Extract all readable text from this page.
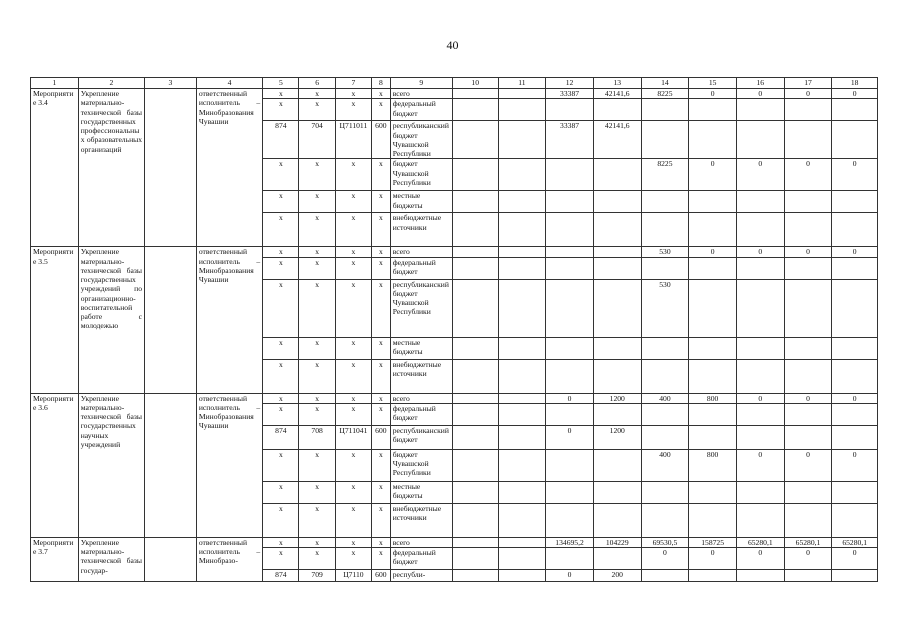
40
1	2	3	4	5	6	7	8	9	10	11	12	13	14	15	16	17	18
Мероприятие 3.4	Укрепление материально-технической базы государственных профессиональных образовательных организаций		ответственный исполнитель – Минобразования Чувашии	x	x	x	x	всего			33387	42141,6	8225	0	0	0	0
				x	x	x	x	федеральный бюджет									
				874	704	Ц711011	600	республиканский бюджет Чувашской Республики			33387	42141,6					
				x	x	x	x	бюджет Чувашской Республики					8225	0	0	0	0
				x	x	x	x	местные бюджеты									
				x	x	x	x	внебюджетные источники									
Мероприятие 3.5	Укрепление материально-технической базы государственных учреждений по организационно-воспитательной работе с молодежью		ответственный исполнитель – Минобразования Чувашии	x	x	x	x	всего					530	0	0	0	0
				x	x	x	x	федеральный бюджет									
				x	x	x	x	республиканский бюджет Чувашской Республики					530				
				x	x	x	x	местные бюджеты									
				x	x	x	x	внебюджетные источники									
Мероприятие 3.6	Укрепление материально-технической базы государственных научных учреждений		ответственный исполнитель – Минобразования Чувашии	x	x	x	x	всего			0	1200	400	800	0	0	0
				x	x	x	x	федеральный бюджет									
				874	708	Ц711041	600	республиканский бюджет			0	1200					
				x	x	x	x	бюджет Чувашской Республики					400	800	0	0	0
				x	x	x	x	местные бюджеты									
				x	x	x	x	внебюджетные источники									
Мероприятие 3.7	Укрепление материально-технической базы государ-		ответственный исполнитель – Минобразо-	x	x	x	x	всего			134695,2	104229	69530,5	158725	65280,1	65280,1	65280,1
				x	x	x	x	федеральный бюджет					0	0	0	0	0
				874	709	Ц7110	600	республи-			0	200					
